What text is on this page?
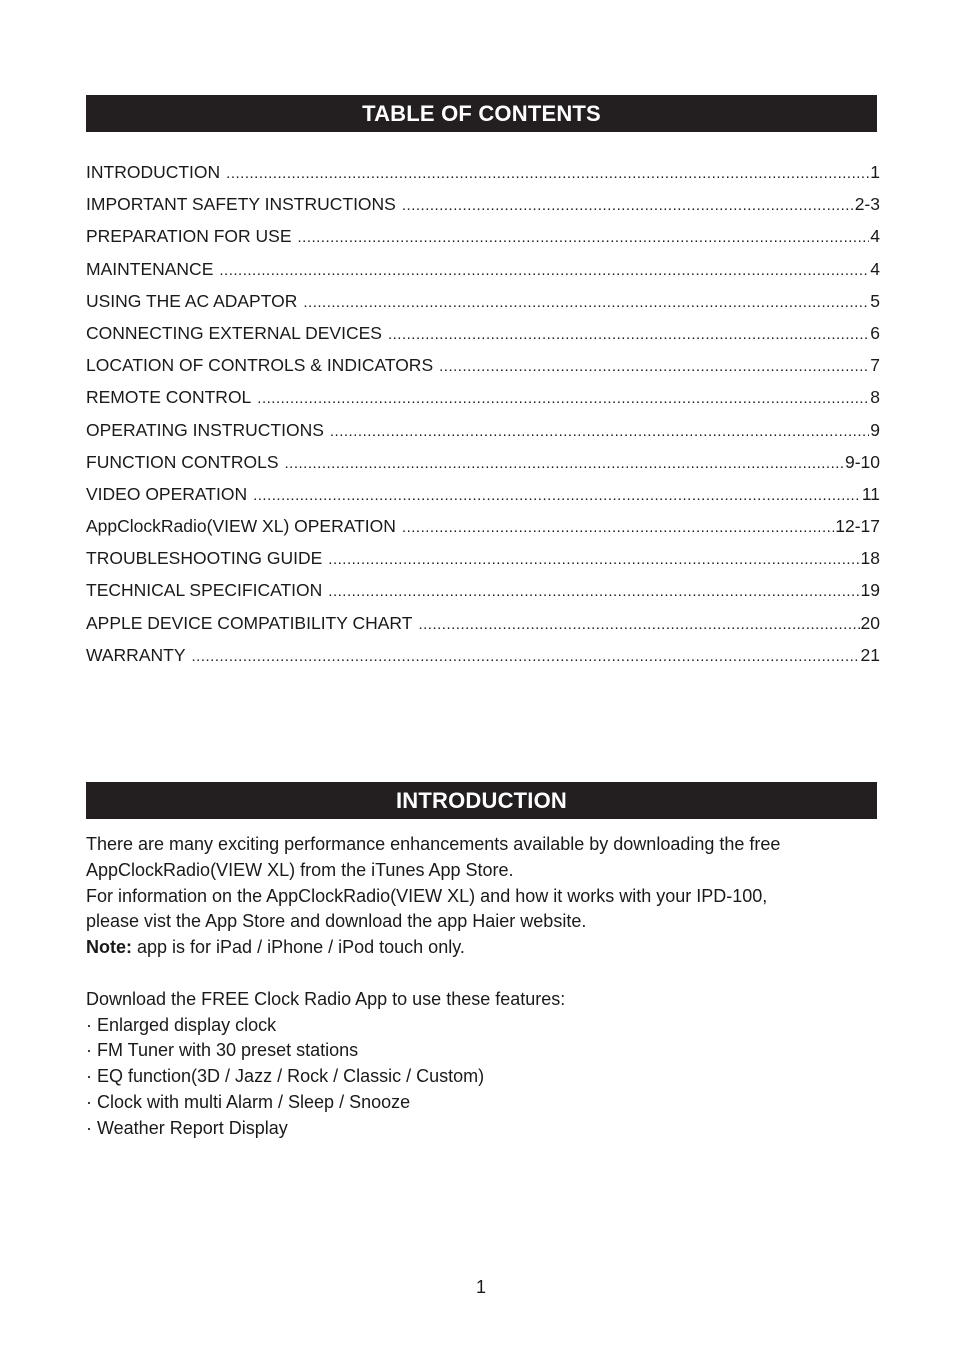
TABLE OF CONTENTS
INTRODUCTION .....	1
IMPORTANT SAFETY INSTRUCTIONS .....	2-3
PREPARATION FOR USE .....	4
MAINTENANCE .....	4
USING THE AC ADAPTOR .....	5
CONNECTING EXTERNAL DEVICES .....	6
LOCATION OF CONTROLS & INDICATORS .....	7
REMOTE CONTROL .....	8
OPERATING INSTRUCTIONS .....	9
FUNCTION CONTROLS .....	9-10
VIDEO OPERATION .....	11
AppClockRadio(VIEW XL) OPERATION .....	12-17
TROUBLESHOOTING GUIDE .....	18
TECHNICAL SPECIFICATION .....	19
APPLE DEVICE COMPATIBILITY CHART .....	20
WARRANTY .....	21
INTRODUCTION

There are many exciting performance enhancements available by downloading the free

AppClockRadio(VIEW XL) from the iTunes App Store.

For information on the AppClockRadio(VIEW XL) and how it works with your IPD-100,

please vist the App Store and download the app Haier website.

Note: app is for iPad / iPhone / iPod touch only.

Download the FREE Clock Radio App to use these features:

· Enlarged display clock

· FM Tuner with 30 preset stations

· EQ function(3D / Jazz / Rock / Classic / Custom)

· Clock with multi Alarm / Sleep / Snooze

· Weather Report Display

1
